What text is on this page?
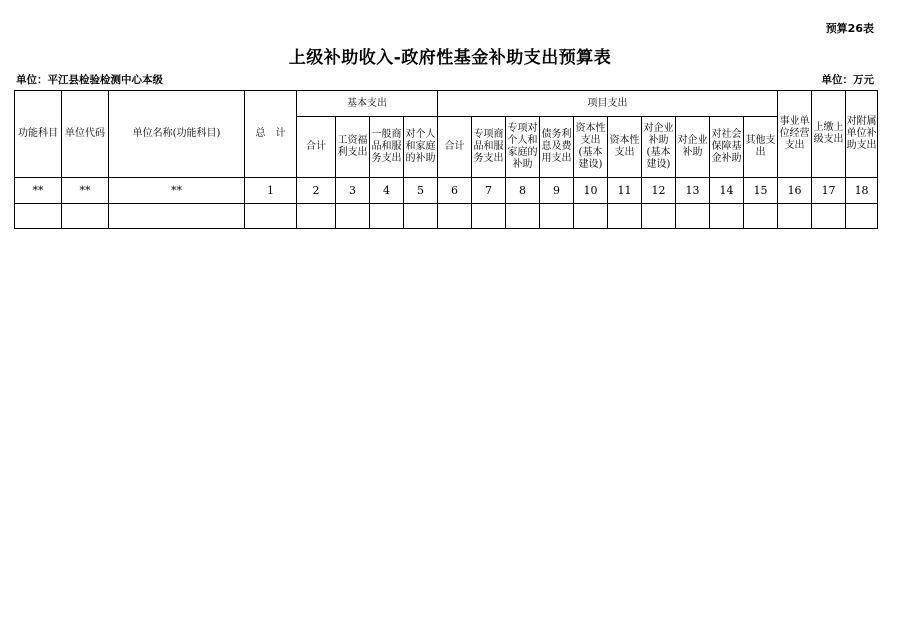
预算26表
上级补助收入-政府性基金补助支出预算表
单位：平江县检验检测中心本级	单位：万元
功能科目	单位代码	单位名称(功能科目)	总　计	基本支出				项目支出										事业单位经营支出	上缴上级支出	对附属单位补助支出
				合计	工资福利支出	一般商品和服务支出	对个人和家庭的补助	合计	专项商品和服务支出	专项对个人和家庭的补助	债务利息及费用支出	资本性支出(基本建设)	资本性支出	对企业补助(基本建设)	对企业补助	对社会保障基金补助	其他支出			
**	**	**	1	2	3	4	5	6	7	8	9	10	11	12	13	14	15	16	17	18
